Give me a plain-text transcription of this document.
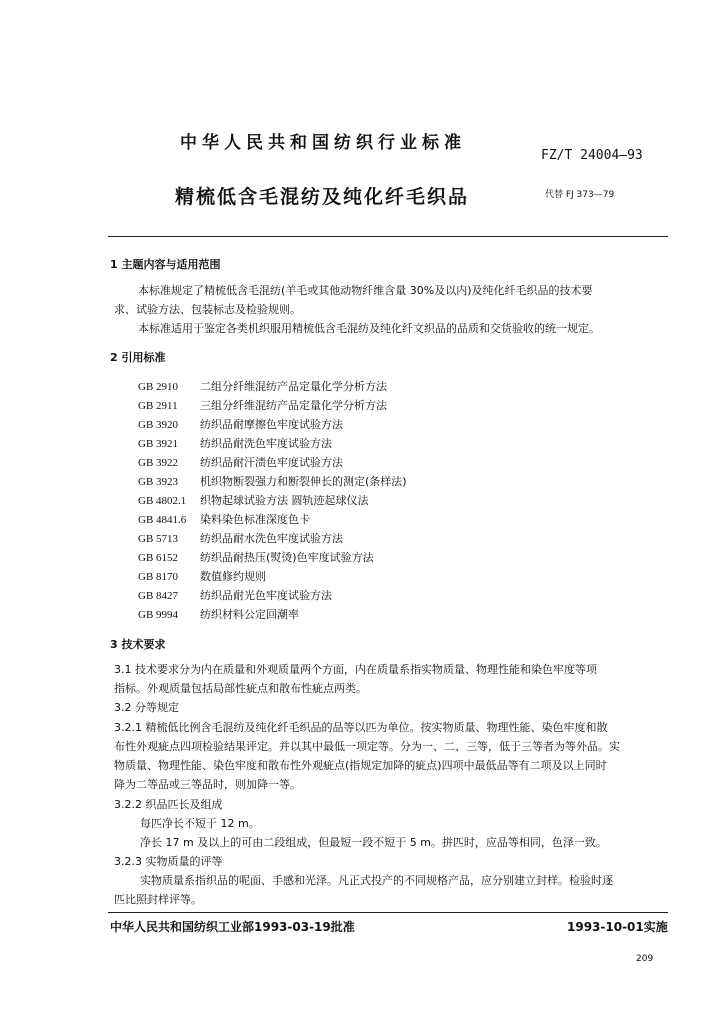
中华人民共和国纺织行业标准
FZ/T 24004—93
精梳低含毛混纺及纯化纤毛织品	代替 FJ 373—79
1 主题内容与适用范围
本标准规定了精梳低含毛混纺(羊毛或其他动物纤维含量 30%及以内)及纯化纤毛织品的技术要
求、试验方法、包装标志及检验规则。
本标准适用于鉴定各类机织服用精梳低含毛混纺及纯化纤文织品的品质和交货验收的统一规定。
2 引用标准
GB 2910 二组分纤维混纺产品定量化学分析方法
GB 2911 三组分纤维混纺产品定量化学分析方法
GB 3920 纺织品耐摩擦色牢度试验方法
GB 3921 纺织品耐洗色牢度试验方法
GB 3922 纺织品耐汗渍色牢度试验方法
GB 3923 机织物断裂强力和断裂伸长的测定(条样法)
GB 4802.1 织物起球试验方法 圆轨迹起球仪法
GB 4841.6 染料染色标准深度色卡
GB 5713 纺织品耐水洗色牢度试验方法
GB 6152 纺织品耐热压(熨烫)色牢度试验方法
GB 8170 数值修约规则
GB 8427 纺织品耐光色牢度试验方法
GB 9994 纺织材料公定回潮率
3 技术要求
3.1 技术要求分为内在质量和外观质量两个方面，内在质量系指实物质量、物理性能和染色牢度等项
指标。外观质量包括局部性疵点和散布性疵点两类。
3.2 分等规定
3.2.1 精梳低比例含毛混纺及纯化纤毛织品的品等以匹为单位。按实物质量、物理性能、染色牢度和散
布性外观疵点四项检验结果评定。并以其中最低一项定等。分为一、二、三等，低于三等者为等外品。实
物质量、物理性能、染色牢度和散布性外观疵点(指规定加降的疵点)四项中最低品等有二项及以上同时
降为二等品或三等品时，则加降一等。
3.2.2 织品匹长及组成
每匹净长不短于 12 m。
净长 17 m 及以上的可由二段组成，但最短一段不短于 5 m。拼匹时，应品等相同，色泽一致。
3.2.3 实物质量的评等
实物质量系指织品的呢面、手感和光泽。凡正式投产的不同规格产品，应分别建立封样。检验时逐
匹比照封样评等。
中华人民共和国纺织工业部1993-03-19批准	1993-10-01实施
209
